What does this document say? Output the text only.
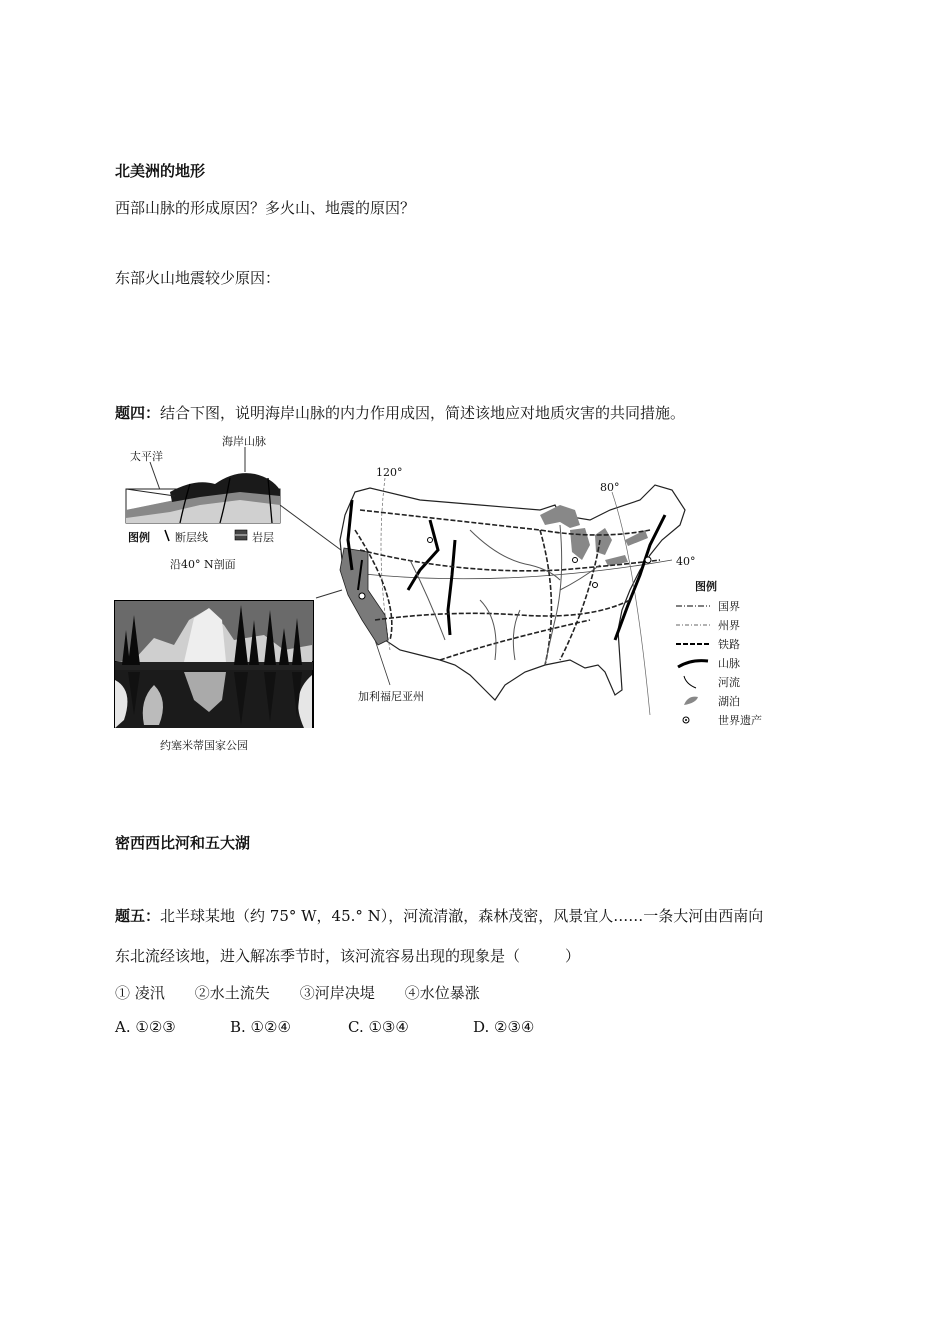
北美洲的地形
西部山脉的形成原因？多火山、地震的原因？
东部火山地震较少原因：
题四：结合下图，说明海岸山脉的内力作用成因，简述该地应对地质灾害的共同措施。
海岸山脉
太平洋
图例 断层线	岩层
沿40° N剖面
约塞米蒂国家公园
120°
80°
40°
加利福尼亚州
图例
国界
州界
铁路
山脉
河流
湖泊
世界遗产
密西西比河和五大湖
题五：北半球某地（约 75° W，45.° N），河流清澈，森林茂密，风景宜人……一条大河由西南向
东北流经该地，进入解冻季节时，该河流容易出现的现象是（　　　）
① 凌汛　　②水土流失　　③河岸决堤　　④水位暴涨
A. ①②③	B. ①②④	C. ①③④	D. ②③④
